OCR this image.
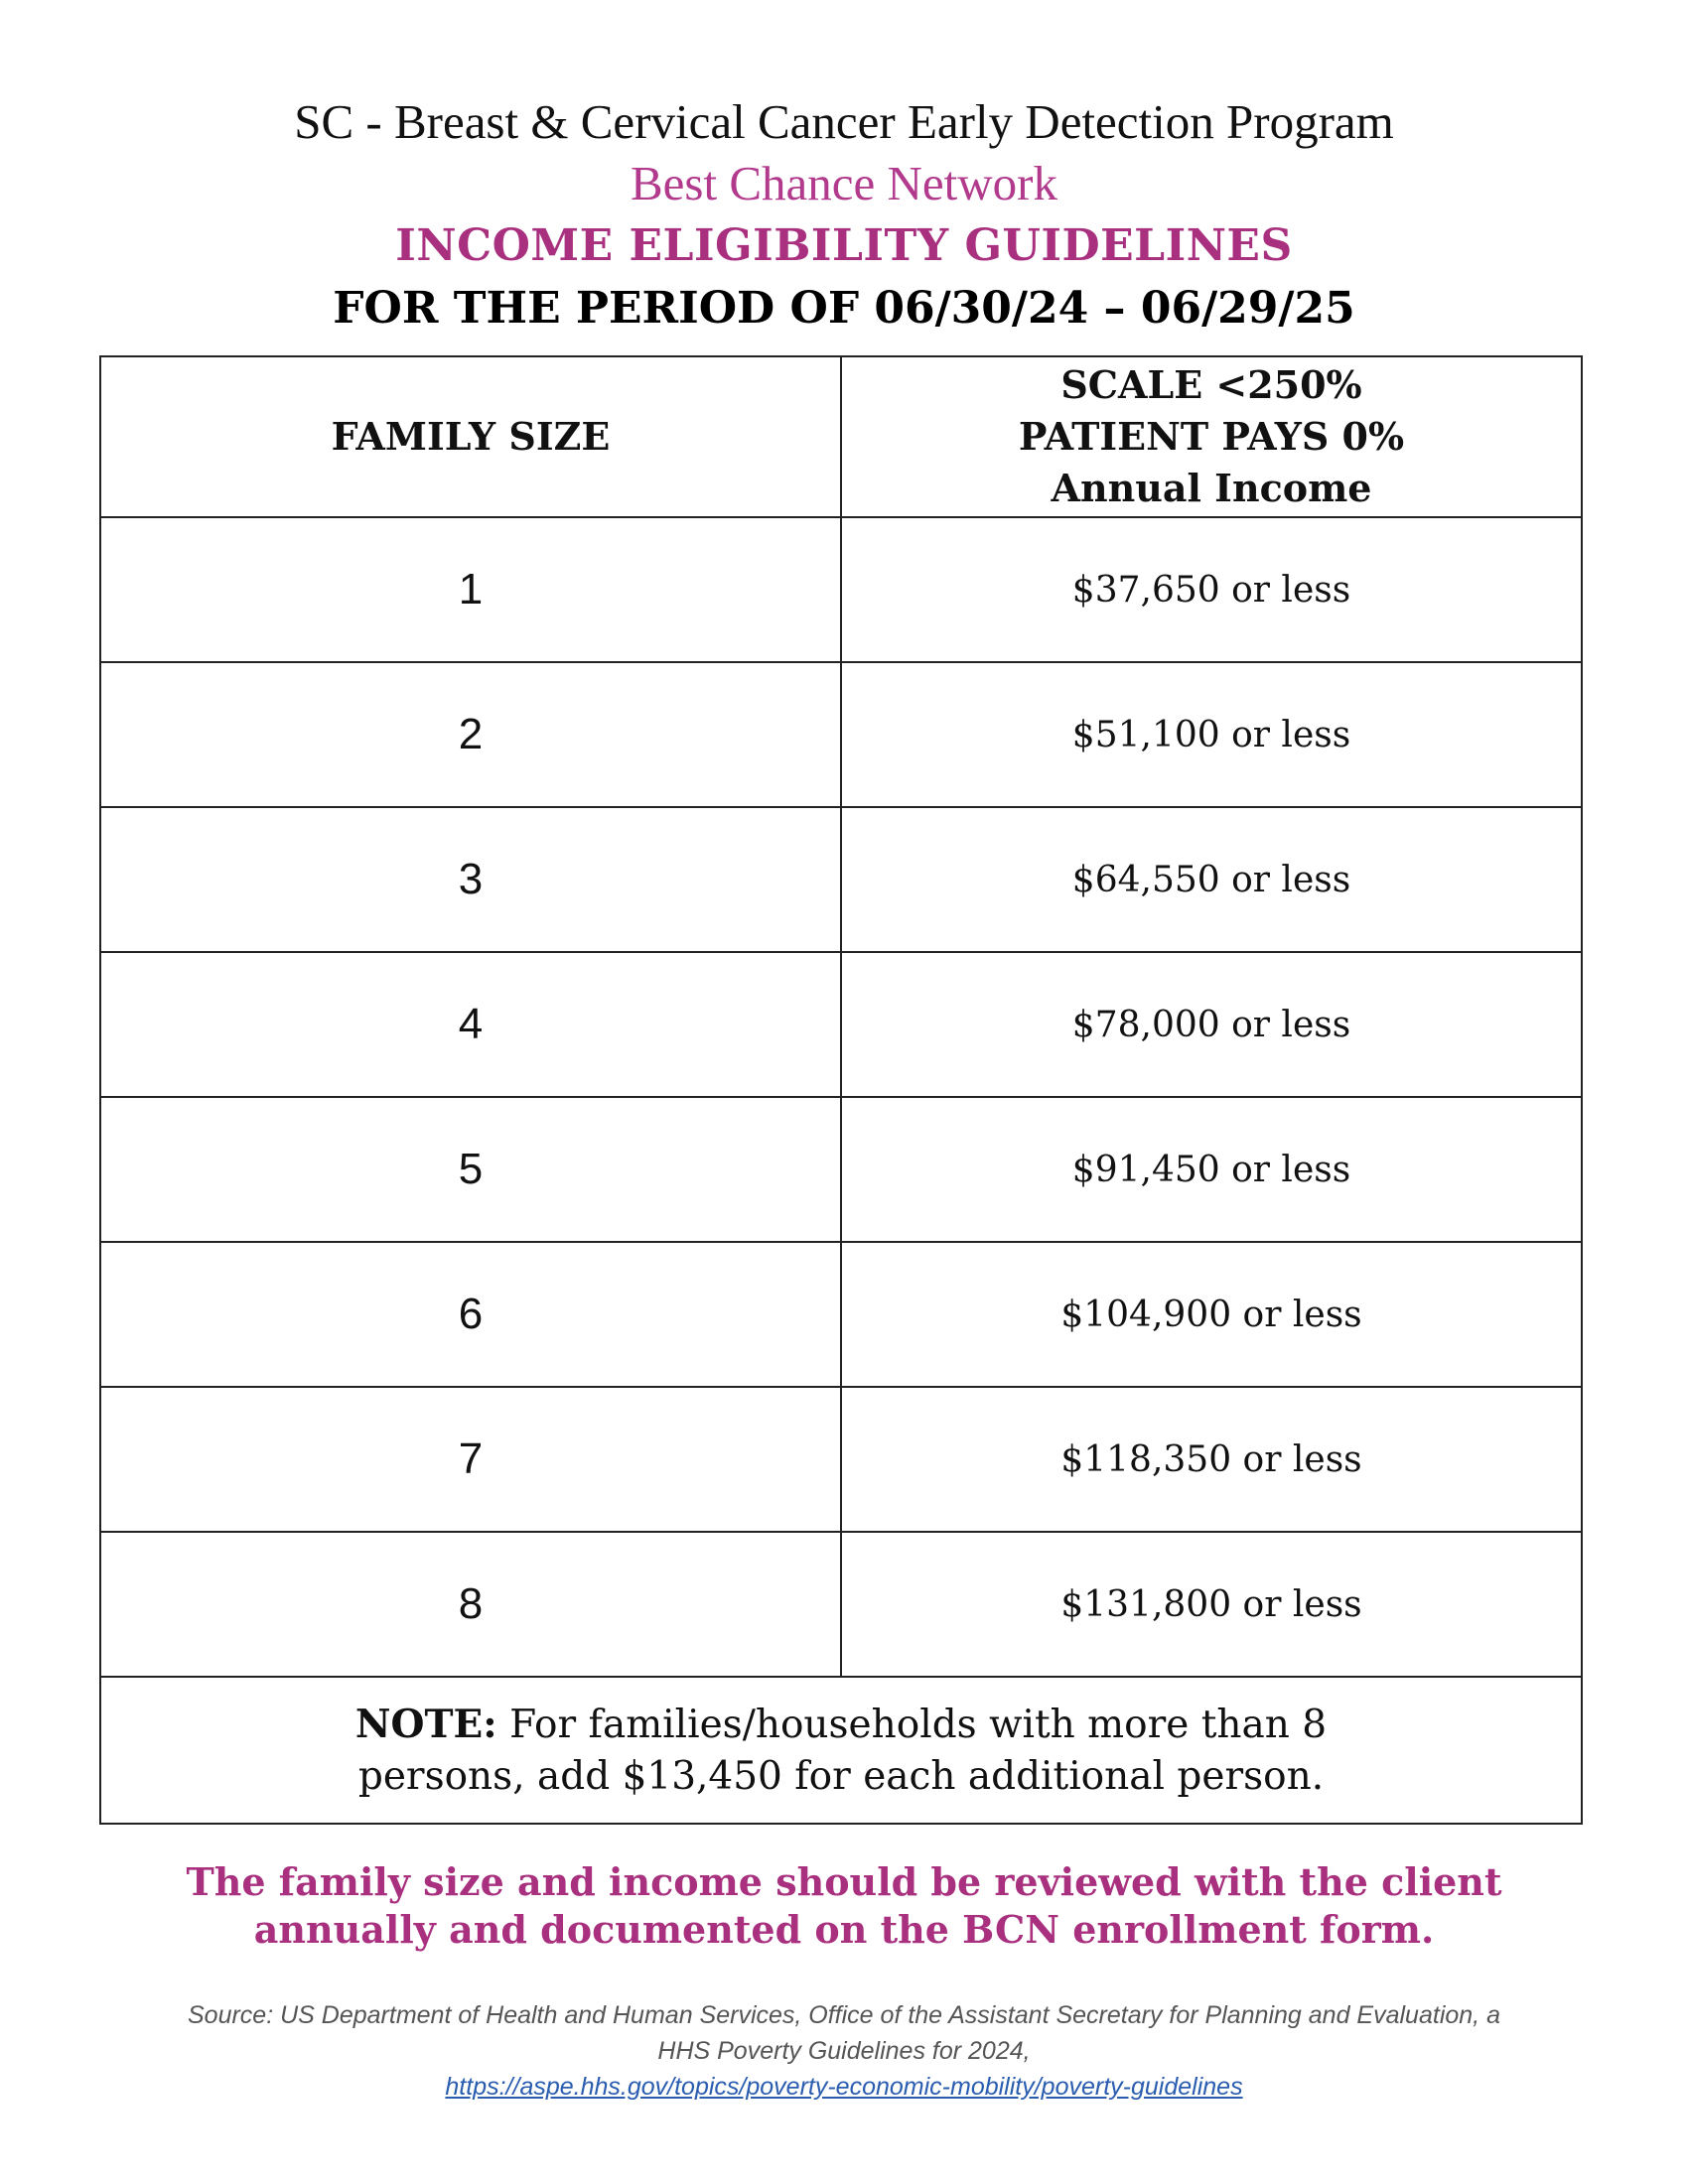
SC - Breast & Cervical Cancer Early Detection Program
Best Chance Network
INCOME ELIGIBILITY GUIDELINES
FOR THE PERIOD OF 06/30/24 – 06/29/25
FAMILY SIZE	SCALE <250%
PATIENT PAYS 0%
Annual Income

1	$37,650 or less
2	$51,100 or less
3	$64,550 or less
4	$78,000 or less
5	$91,450 or less
6	$104,900 or less
7	$118,350 or less
8	$131,800 or less

NOTE: For families/households with more than 8
persons, add $13,450 for each additional person.	
The family size and income should be reviewed with the client
annually and documented on the BCN enrollment form.
Source: US Department of Health and Human Services, Office of the Assistant Secretary for Planning and Evaluation, a
HHS Poverty Guidelines for 2024,
https://aspe.hhs.gov/topics/poverty-economic-mobility/poverty-guidelines
